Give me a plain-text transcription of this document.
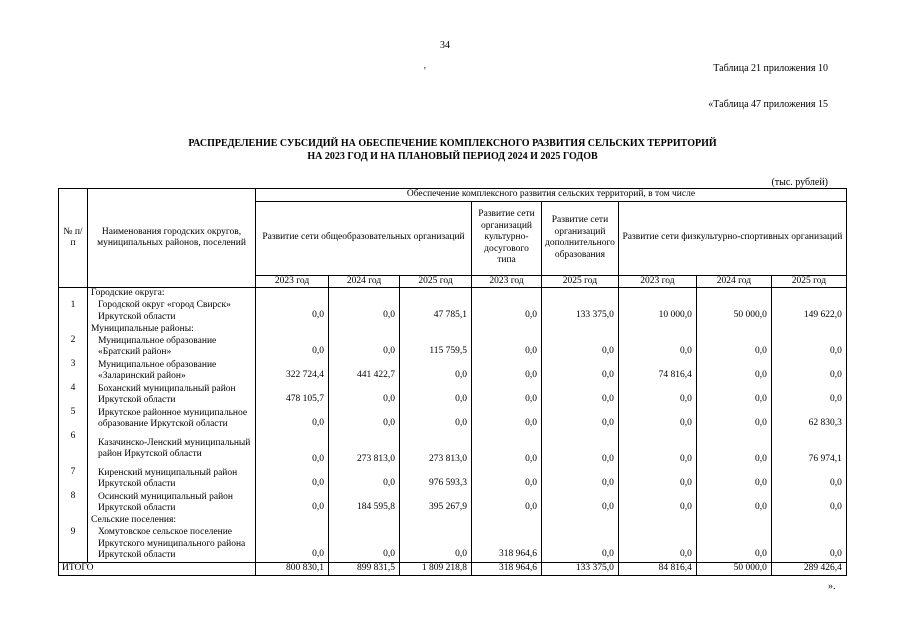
34
'	Таблица 21 приложения 10
«Таблица 47 приложения 15
РАСПРЕДЕЛЕНИЕ СУБСИДИЙ НА ОБЕСПЕЧЕНИЕ КОМПЛЕКСНОГО РАЗВИТИЯ СЕЛЬСКИХ ТЕРРИТОРИЙ
НА 2023 ГОД И НА ПЛАНОВЫЙ ПЕРИОД 2024 И 2025 ГОДОВ
(тыс. рублей)
№ п/п	Наименования городских округов, муниципальных районов, поселений	Обеспечение комплексного развития сельских территорий, в том числе							
		Развитие сети общеобразовательных организаций			Развитие сети организаций культурно-досугового типа	Развитие сети организаций дополнительного образования	Развитие сети физкультурно-спортивных организаций		
		2023 год	2024 год	2025 год	2023 год	2025 год	2023 год	2024 год	2025 год
	Городские округа:								
1	Городской округ «город Свирск» Иркутской области	0,0	0,0	47 785,1	0,0	133 375,0	10 000,0	50 000,0	149 622,0
	Муниципальные районы:								
2	Муниципальное образование «Братский район»	0,0	0,0	115 759,5	0,0	0,0	0,0	0,0	0,0
3	Муниципальное образование «Заларинский район»	322 724,4	441 422,7	0,0	0,0	0,0	74 816,4	0,0	0,0
4	Боханский муниципальный район Иркутской области	478 105,7	0,0	0,0	0,0	0,0	0,0	0,0	0,0
5	Иркутское районное муниципальное образование Иркутской области	0,0	0,0	0,0	0,0	0,0	0,0	0,0	62 830,3
6	Казачинско-Ленский муниципальный район Иркутской области	0,0	273 813,0	273 813,0	0,0	0,0	0,0	0,0	76 974,1
7	Киренский муниципальный район Иркутской области	0,0	0,0	976 593,3	0,0	0,0	0,0	0,0	0,0
8	Осинский муниципальный район Иркутской области	0,0	184 595,8	395 267,9	0,0	0,0	0,0	0,0	0,0
	Сельские поселения:								
9	Хомутовское сельское поселение Иркутского муниципального района Иркутской области	0,0	0,0	0,0	318 964,6	0,0	0,0	0,0	0,0
ИТОГО		800 830,1	899 831,5	1 809 218,8	318 964,6	133 375,0	84 816,4	50 000,0	289 426,4
».
